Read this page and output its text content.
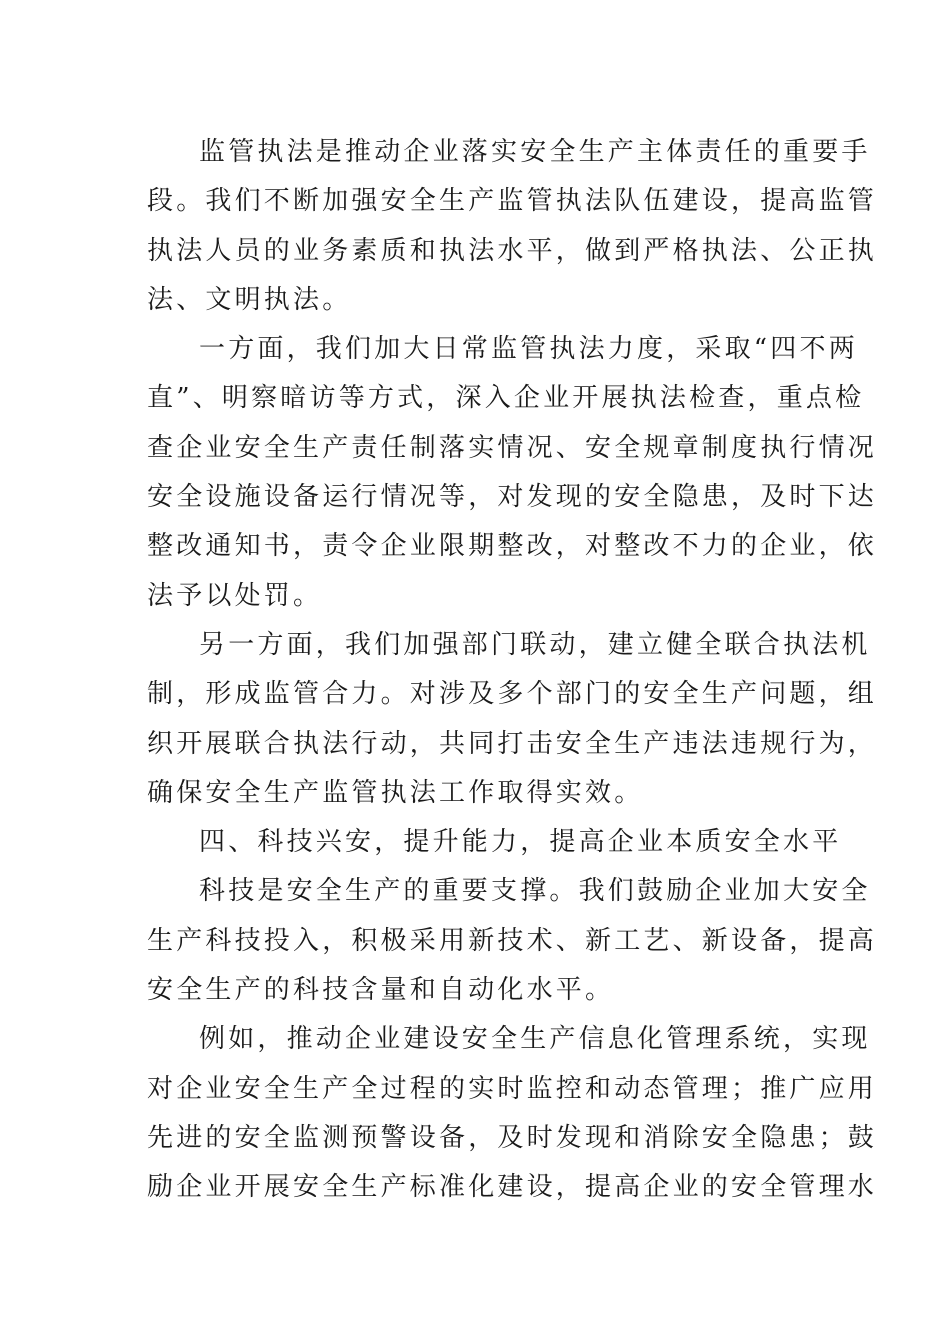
监管执法是推动企业落实安全生产主体责任的重要手
段。我们不断加强安全生产监管执法队伍建设，提高监管
执法人员的业务素质和执法水平，做到严格执法、公正执
法、文明执法。
一方面，我们加大日常监管执法力度，采取“四不两
直”、明察暗访等方式，深入企业开展执法检查，重点检
查企业安全生产责任制落实情况、安全规章制度执行情况
安全设施设备运行情况等，对发现的安全隐患，及时下达
整改通知书，责令企业限期整改，对整改不力的企业，依
法予以处罚。
另一方面，我们加强部门联动，建立健全联合执法机
制，形成监管合力。对涉及多个部门的安全生产问题，组
织开展联合执法行动，共同打击安全生产违法违规行为，
确保安全生产监管执法工作取得实效。
四、科技兴安，提升能力，提高企业本质安全水平
科技是安全生产的重要支撑。我们鼓励企业加大安全
生产科技投入，积极采用新技术、新工艺、新设备，提高
安全生产的科技含量和自动化水平。
例如，推动企业建设安全生产信息化管理系统，实现
对企业安全生产全过程的实时监控和动态管理；推广应用
先进的安全监测预警设备，及时发现和消除安全隐患；鼓
励企业开展安全生产标准化建设，提高企业的安全管理水
